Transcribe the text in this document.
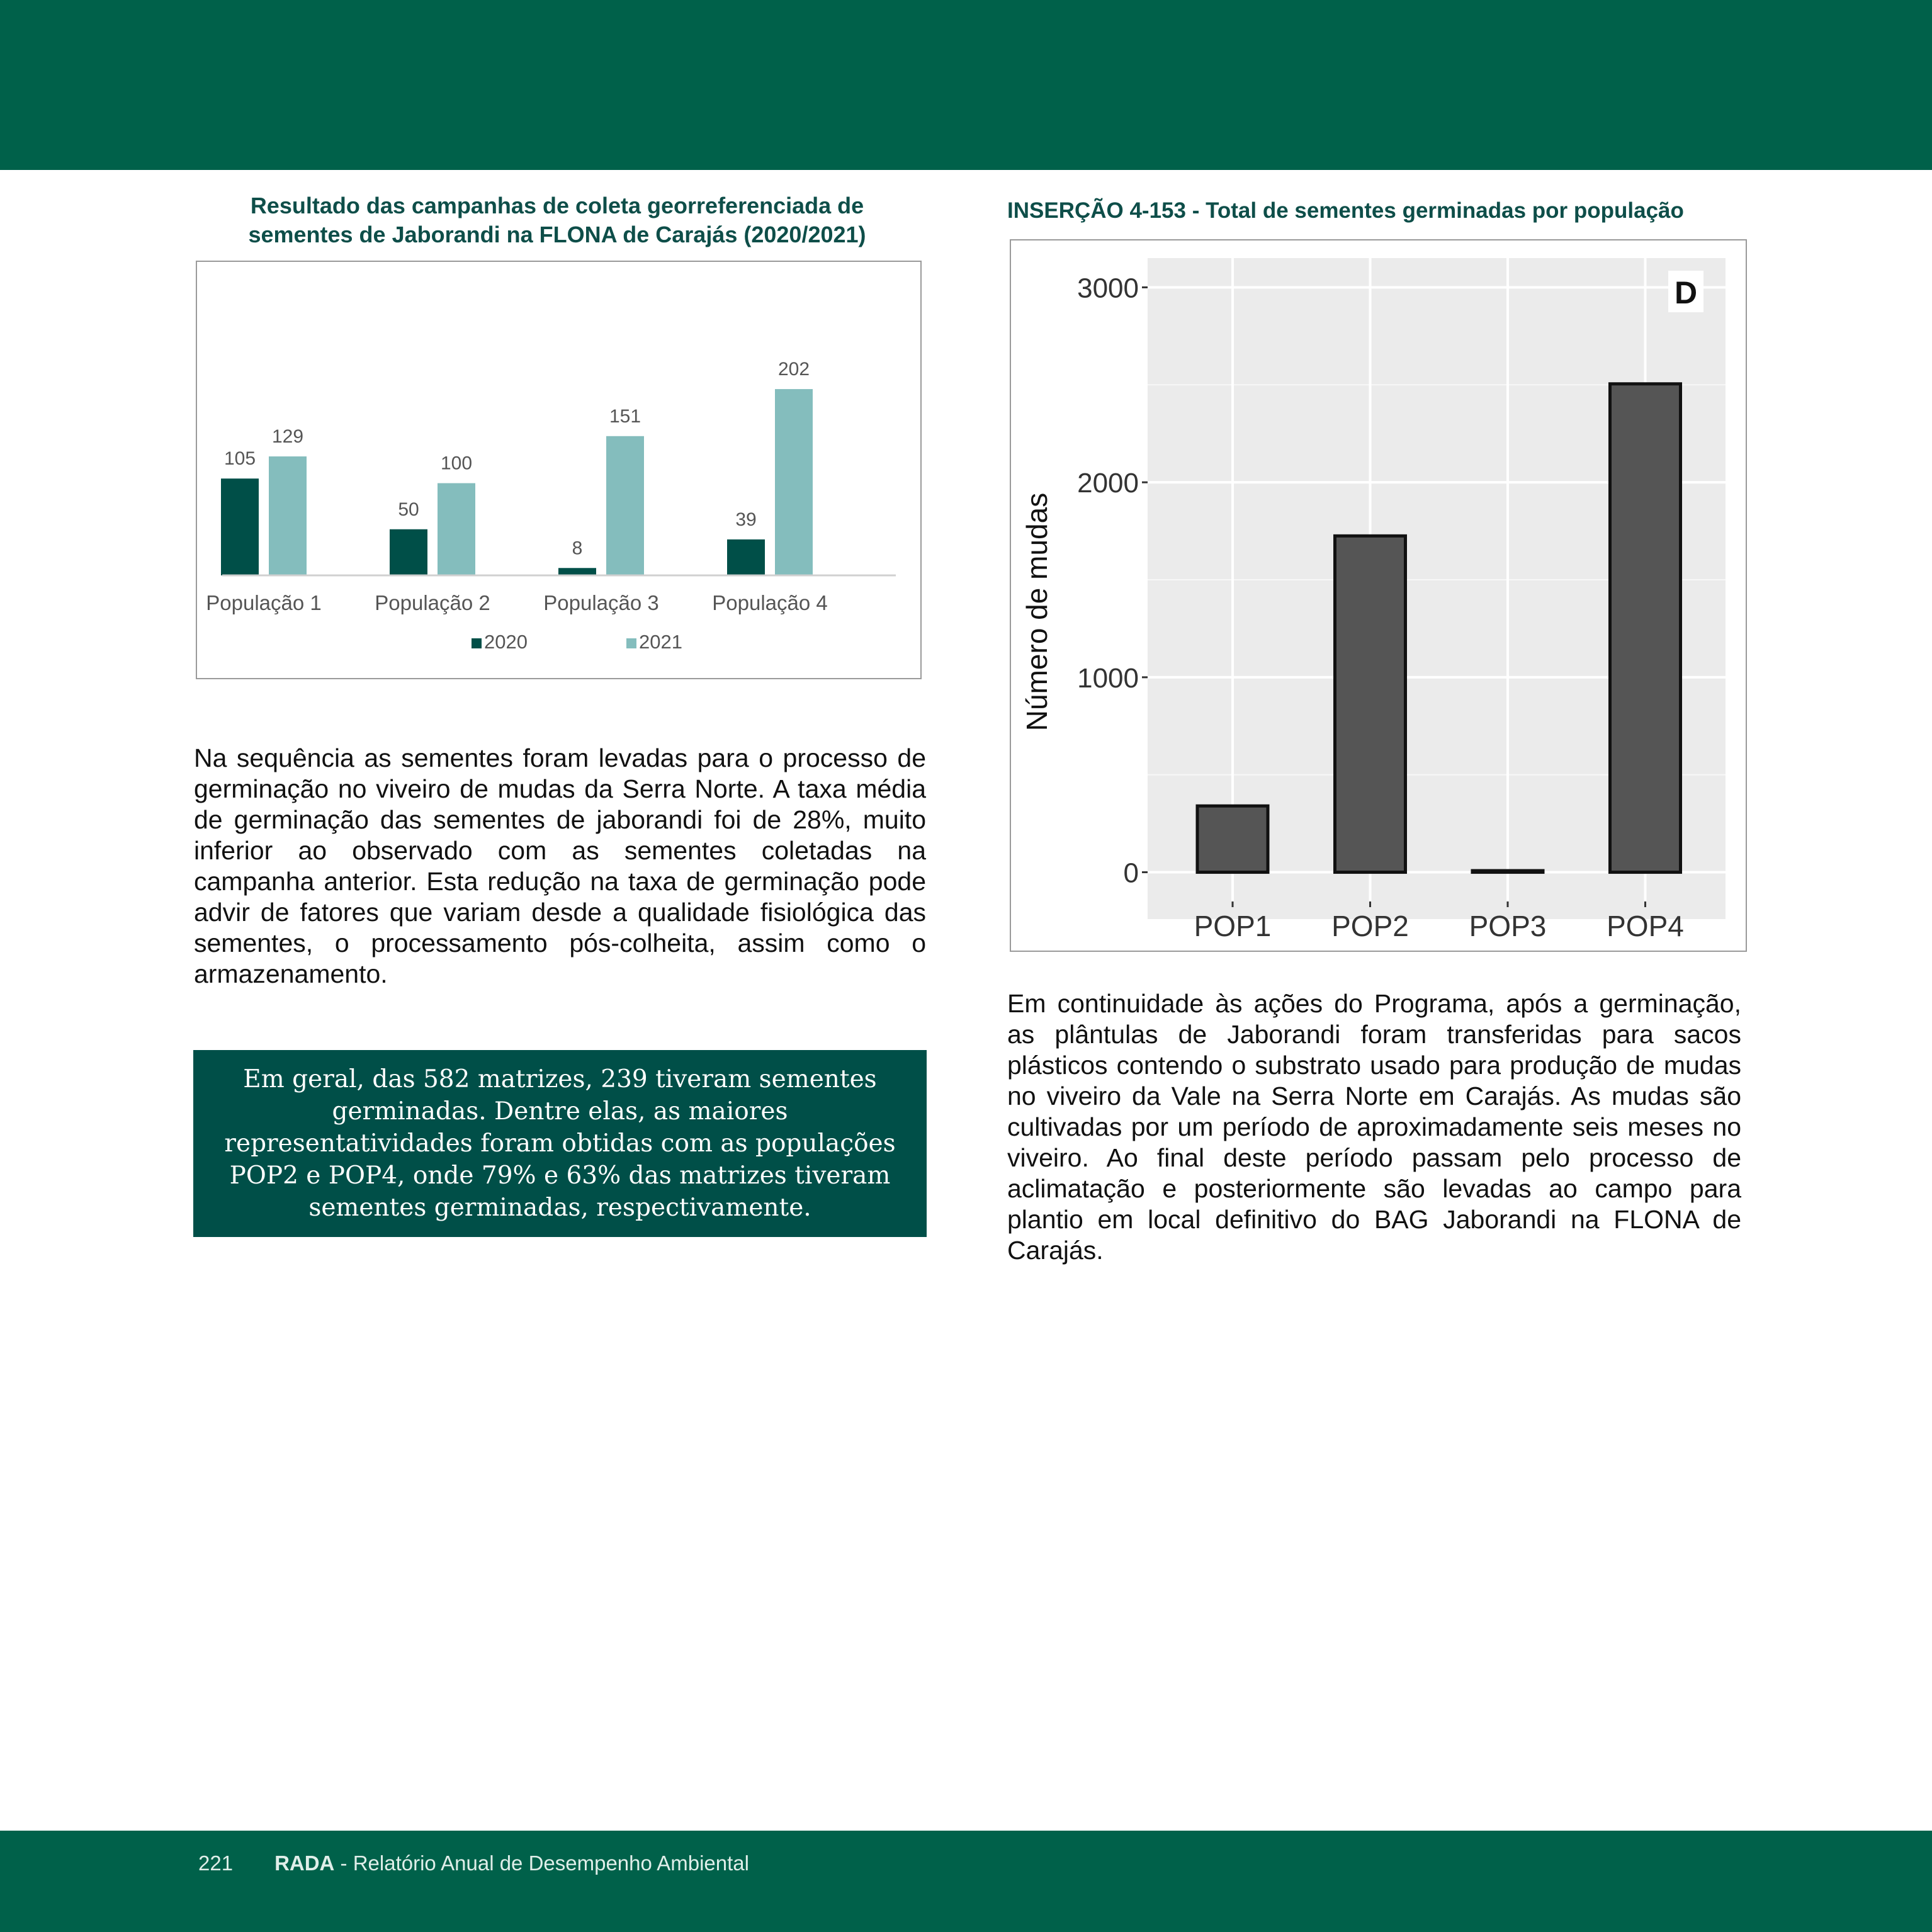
Resultado das campanhas de coleta georreferenciada de sementes de Jaborandi na FLONA de Carajás (2020/2021)
INSERÇÃO 4-153 - Total de sementes germinadas por população
105
129
População 1
50
100
População 2
8
151
População 3
39
202
População 4
2020	2021
0
1000
2000
3000
POP1 POP2 POP3 POP4
Número de mudas
D

Na sequência as sementes foram levadas para o processo de germinação no viveiro de mudas da Serra Norte. A taxa média de germinação das sementes de jaborandi foi de 28%, muito inferior ao observado com as sementes coletadas na campanha anterior. Esta redução na taxa de germinação pode advir de fatores que variam desde a qualidade fisiológica das sementes, o processamento pós-colheita, assim como o armazenamento.

Em geral, das 582 matrizes, 239 tiveram sementes germinadas. Dentre elas, as maiores representatividades foram obtidas com as populações POP2 e POP4, onde 79% e 63% das matrizes tiveram sementes germinadas, respectivamente.

Em continuidade às ações do Programa, após a germinação, as plântulas de Jaborandi foram transferidas para sacos plásticos contendo o substrato usado para produção de mudas no viveiro da Vale na Serra Norte em Carajás. As mudas são cultivadas por um período de aproximadamente seis meses no viveiro. Ao final deste período passam pelo processo de aclimatação e posteriormente são levadas ao campo para plantio em local definitivo do BAG Jaborandi na FLONA de Carajás.

221 RADA - Relatório Anual de Desempenho Ambiental
